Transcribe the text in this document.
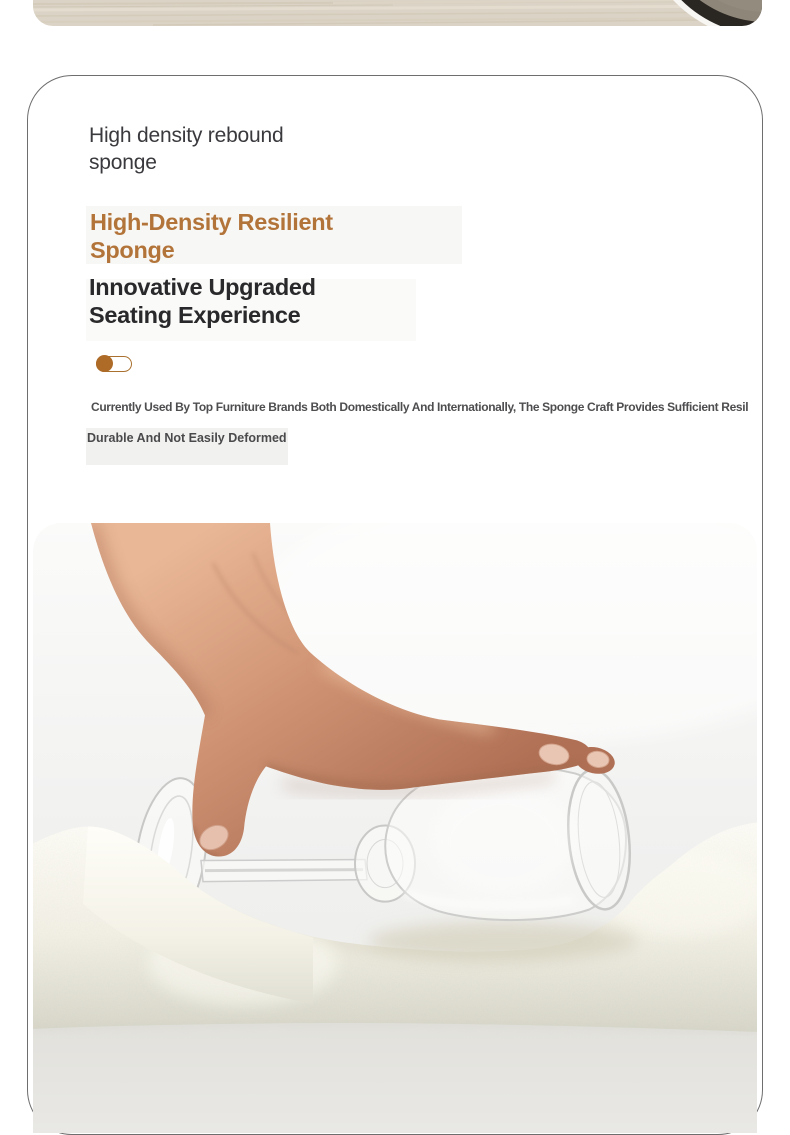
High density rebound sponge
High-Density Resilient Sponge
Innovative Upgraded Seating Experience
Currently Used By Top Furniture Brands Both Domestically And Internationally, The Sponge Craft Provides Sufficient Resil
Durable And Not Easily Deformed
